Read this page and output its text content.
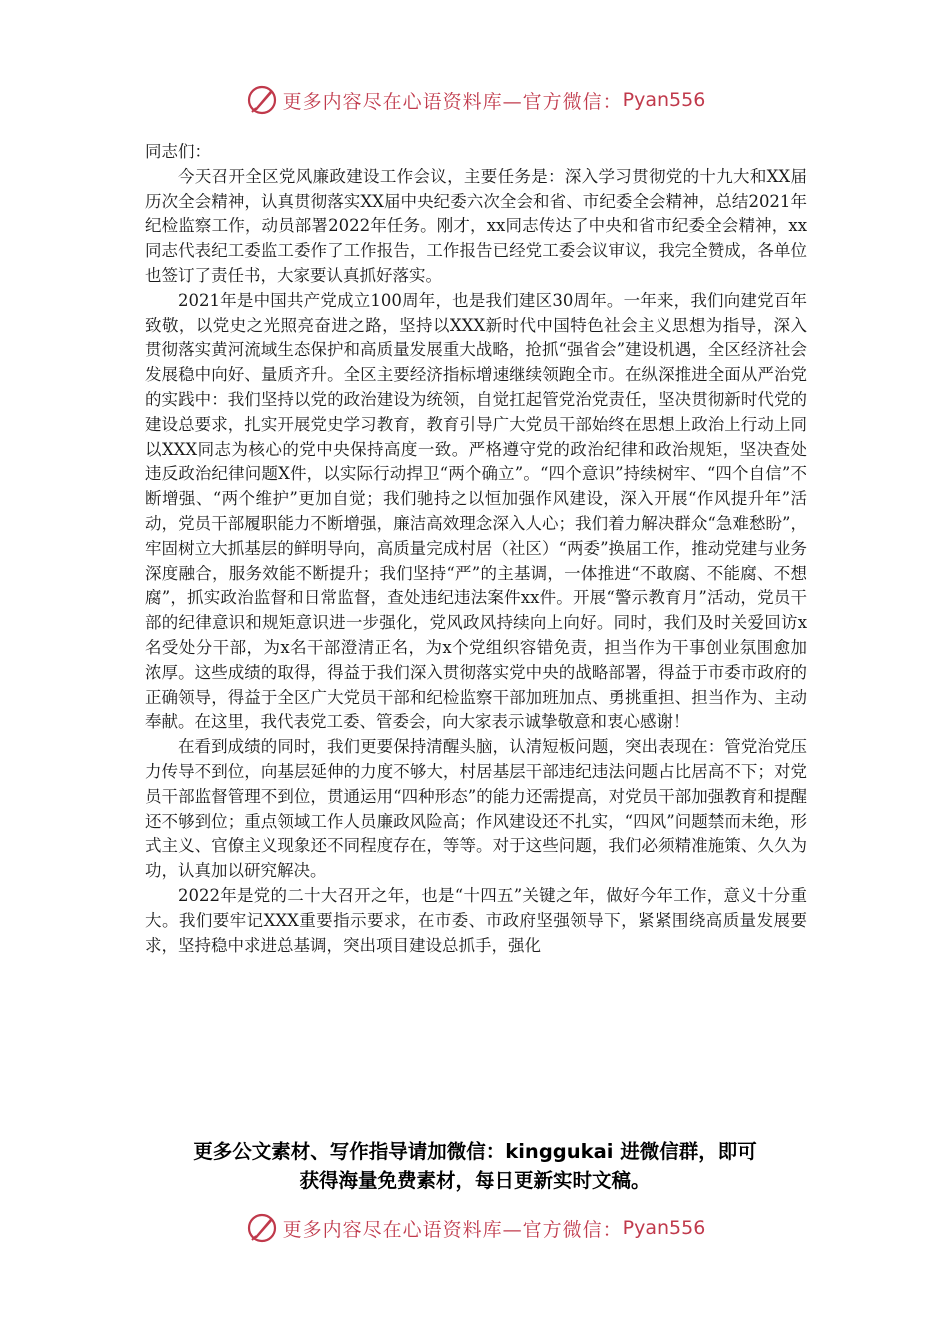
更多内容尽在心语资料库—官方微信： Pyan556

同志们：

今天召开全区党风廉政建设工作会议，主要任务是：深入学习贯彻党的十九大和XX届历次全会精神，认真贯彻落实XX届中央纪委六次全会和省、市纪委全会精神，总结2021年纪检监察工作，动员部署2022年任务。刚才，xx同志传达了中央和省市纪委全会精神，xx同志代表纪工委监工委作了工作报告，工作报告已经党工委会议审议，我完全赞成，各单位也签订了责任书，大家要认真抓好落实。

2021年是中国共产党成立100周年，也是我们建区30周年。一年来，我们向建党百年致敬，以党史之光照亮奋进之路，坚持以XXX新时代中国特色社会主义思想为指导，深入贯彻落实黄河流域生态保护和高质量发展重大战略，抢抓“强省会”建设机遇，全区经济社会发展稳中向好、量质齐升。全区主要经济指标增速继续领跑全市。在纵深推进全面从严治党的实践中：我们坚持以党的政治建设为统领，自觉扛起管党治党责任，坚决贯彻新时代党的建设总要求，扎实开展党史学习教育，教育引导广大党员干部始终在思想上政治上行动上同以XXX同志为核心的党中央保持高度一致。严格遵守党的政治纪律和政治规矩，坚决查处违反政治纪律问题X件，以实际行动捍卫“两个确立”。“四个意识”持续树牢、“四个自信”不断增强、“两个维护”更加自觉；我们驰持之以恒加强作风建设，深入开展“作风提升年”活动，党员干部履职能力不断增强，廉洁高效理念深入人心；我们着力解决群众“急难愁盼”，牢固树立大抓基层的鲜明导向，高质量完成村居（社区）“两委”换届工作，推动党建与业务深度融合，服务效能不断提升；我们坚持“严”的主基调，一体推进“不敢腐、不能腐、不想腐”，抓实政治监督和日常监督，查处违纪违法案件xx件。开展“警示教育月”活动，党员干部的纪律意识和规矩意识进一步强化，党风政风持续向上向好。同时，我们及时关爱回访x名受处分干部，为x名干部澄清正名，为x个党组织容错免责，担当作为干事创业氛围愈加浓厚。这些成绩的取得，得益于我们深入贯彻落实党中央的战略部署，得益于市委市政府的正确领导，得益于全区广大党员干部和纪检监察干部加班加点、勇挑重担、担当作为、主动奉献。在这里，我代表党工委、管委会，向大家表示诚挚敬意和衷心感谢！

在看到成绩的同时，我们更要保持清醒头脑，认清短板问题，突出表现在：管党治党压力传导不到位，向基层延伸的力度不够大，村居基层干部违纪违法问题占比居高不下；对党员干部监督管理不到位，贯通运用“四种形态”的能力还需提高，对党员干部加强教育和提醒还不够到位；重点领域工作人员廉政风险高；作风建设还不扎实，“四风”问题禁而未绝，形式主义、官僚主义现象还不同程度存在，等等。对于这些问题，我们必须精准施策、久久为功，认真加以研究解决。

2022年是党的二十大召开之年，也是“十四五”关键之年，做好今年工作，意义十分重大。我们要牢记XXX重要指示要求，在市委、市政府坚强领导下，紧紧围绕高质量发展要求，坚持稳中求进总基调，突出项目建设总抓手，强化

更多公文素材、写作指导请加微信：kinggukai 进微信群，即可
获得海量免费素材，每日更新实时文稿。
更多内容尽在心语资料库—官方微信： Pyan556
